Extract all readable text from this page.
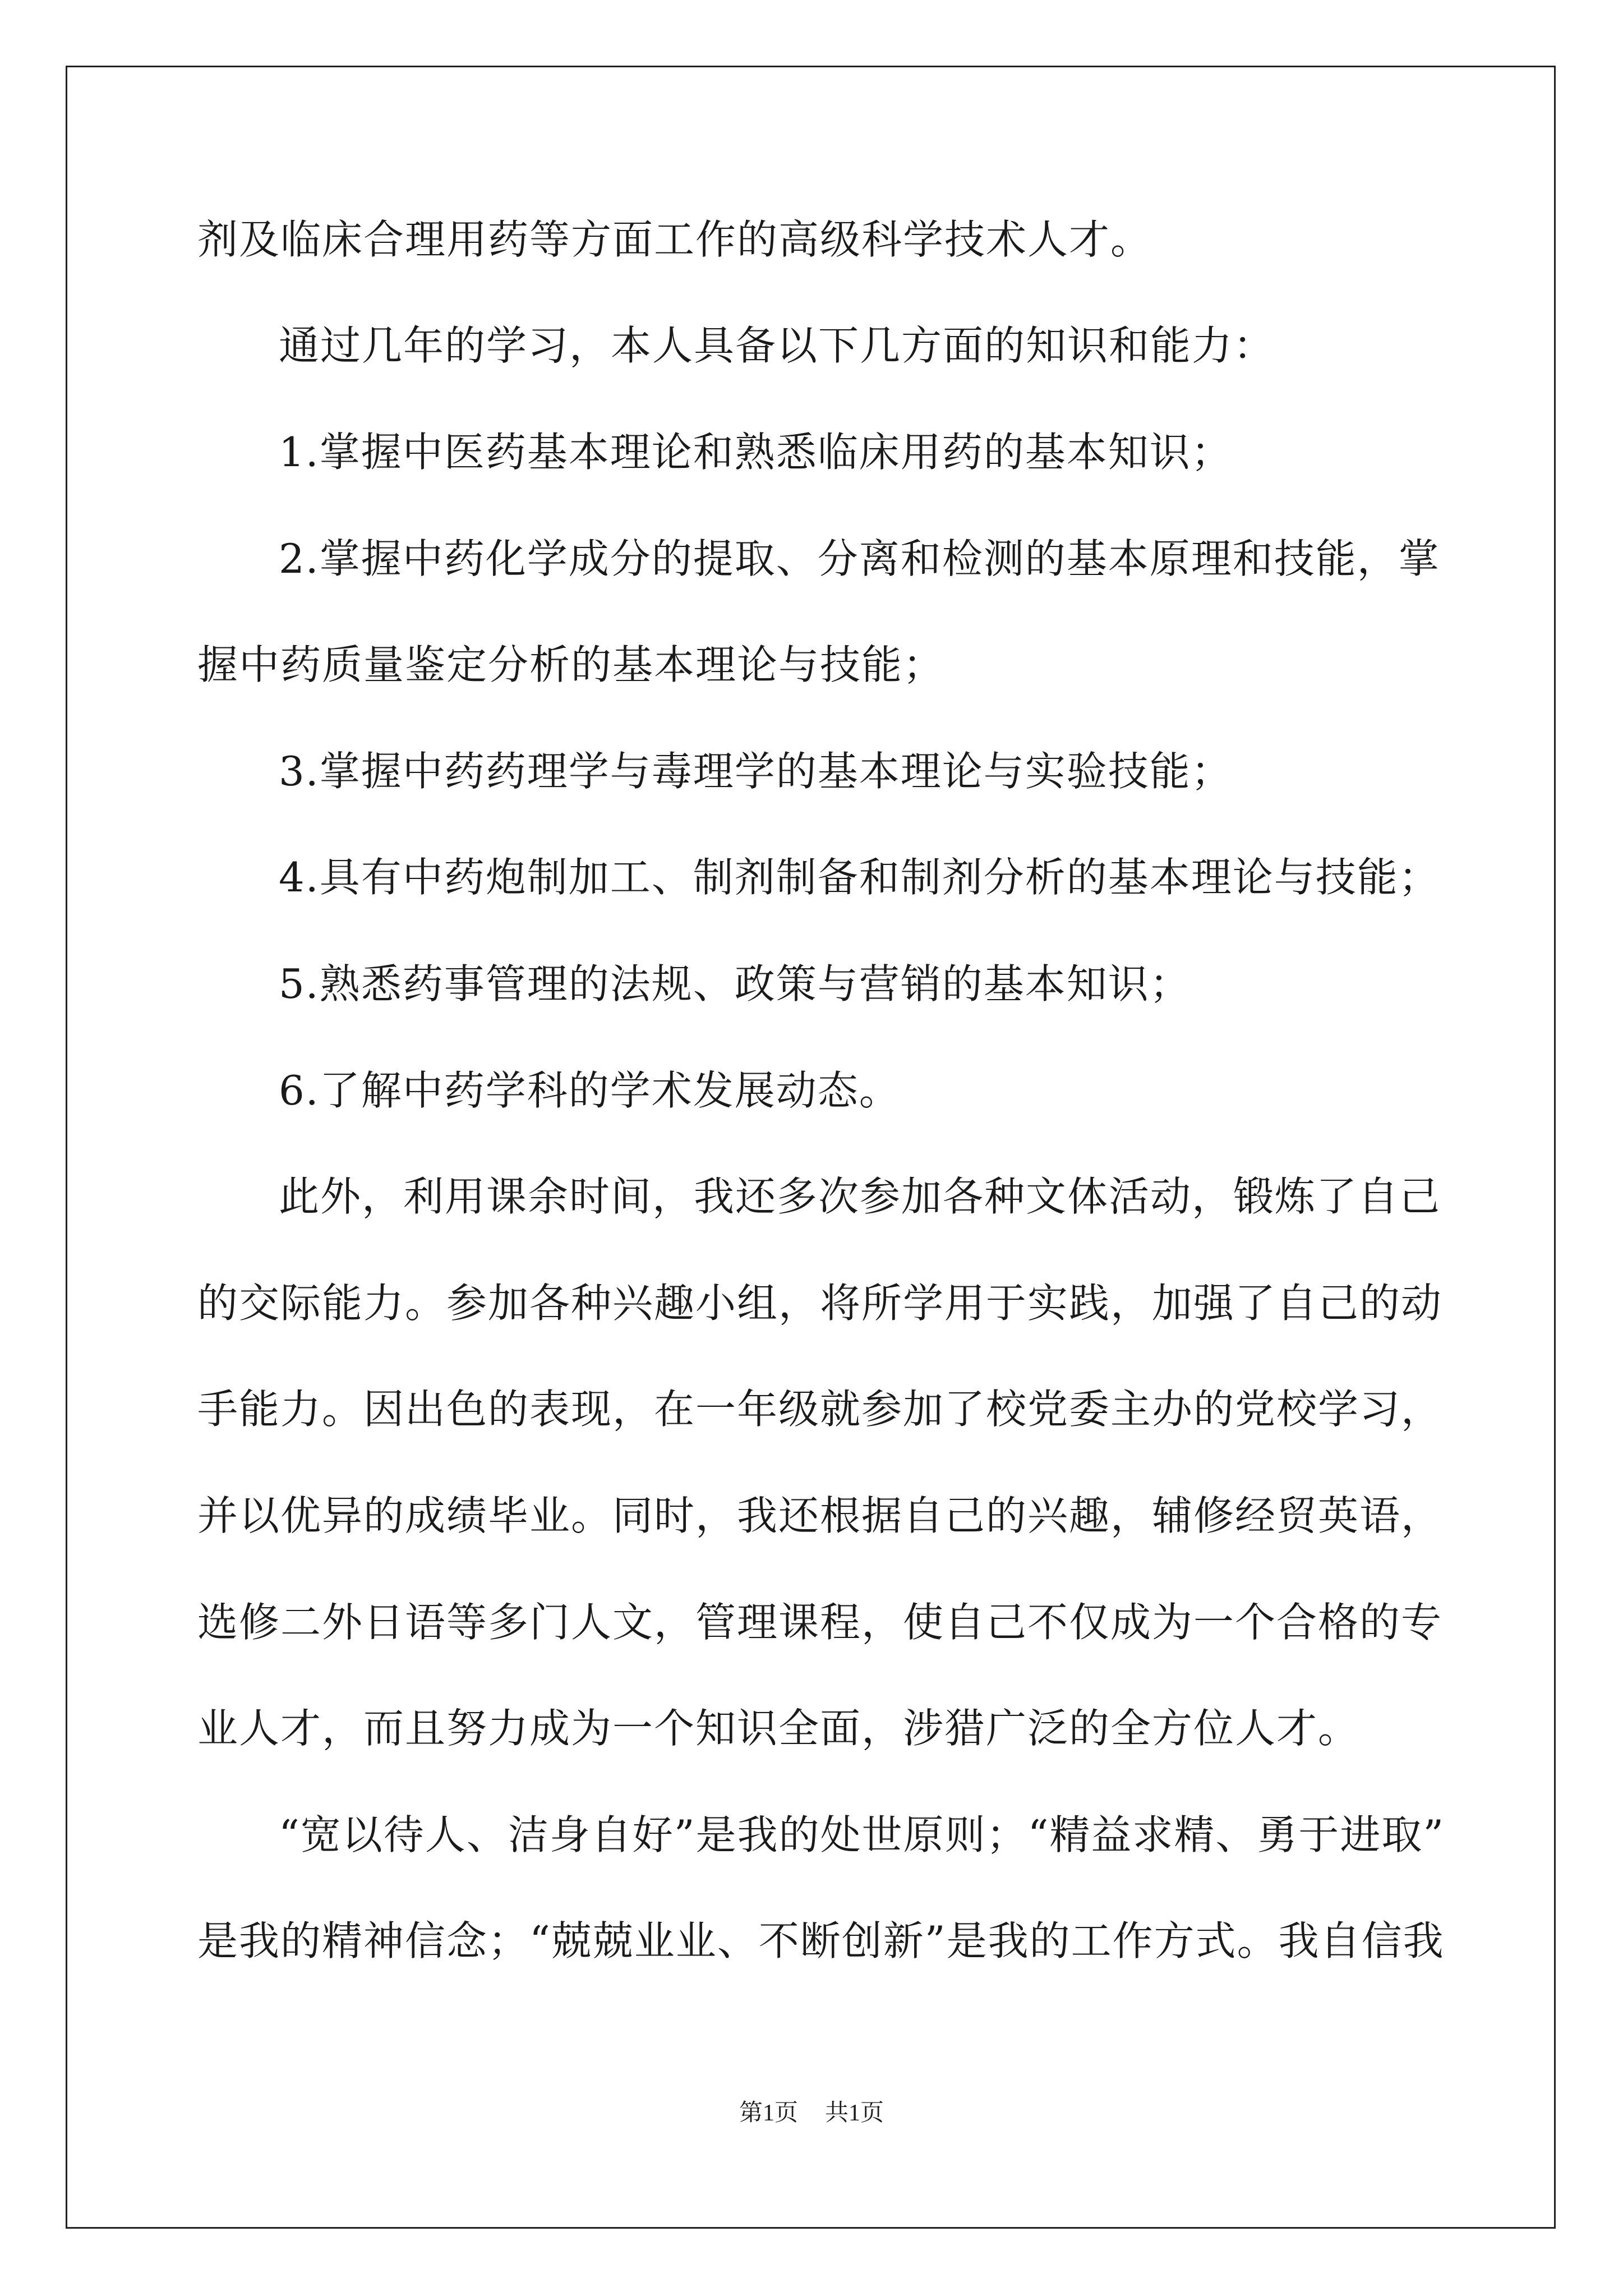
剂及临床合理用药等方面工作的高级科学技术人才。
通过几年的学习，本人具备以下几方面的知识和能力：
1.掌握中医药基本理论和熟悉临床用药的基本知识；
2.掌握中药化学成分的提取、分离和检测的基本原理和技能，掌
握中药质量鉴定分析的基本理论与技能；
3.掌握中药药理学与毒理学的基本理论与实验技能；
4.具有中药炮制加工、制剂制备和制剂分析的基本理论与技能；
5.熟悉药事管理的法规、政策与营销的基本知识；
6.了解中药学科的学术发展动态。
此外，利用课余时间，我还多次参加各种文体活动，锻炼了自己
的交际能力。参加各种兴趣小组，将所学用于实践，加强了自己的动
手能力。因出色的表现，在一年级就参加了校党委主办的党校学习，
并以优异的成绩毕业。同时，我还根据自己的兴趣，辅修经贸英语，
选修二外日语等多门人文，管理课程，使自己不仅成为一个合格的专
业人才，而且努力成为一个知识全面，涉猎广泛的全方位人才。
“宽以待人、洁身自好”是我的处世原则；“精益求精、勇于进取”
是我的精神信念；“兢兢业业、不断创新”是我的工作方式。我自信我
第1页 共1页
